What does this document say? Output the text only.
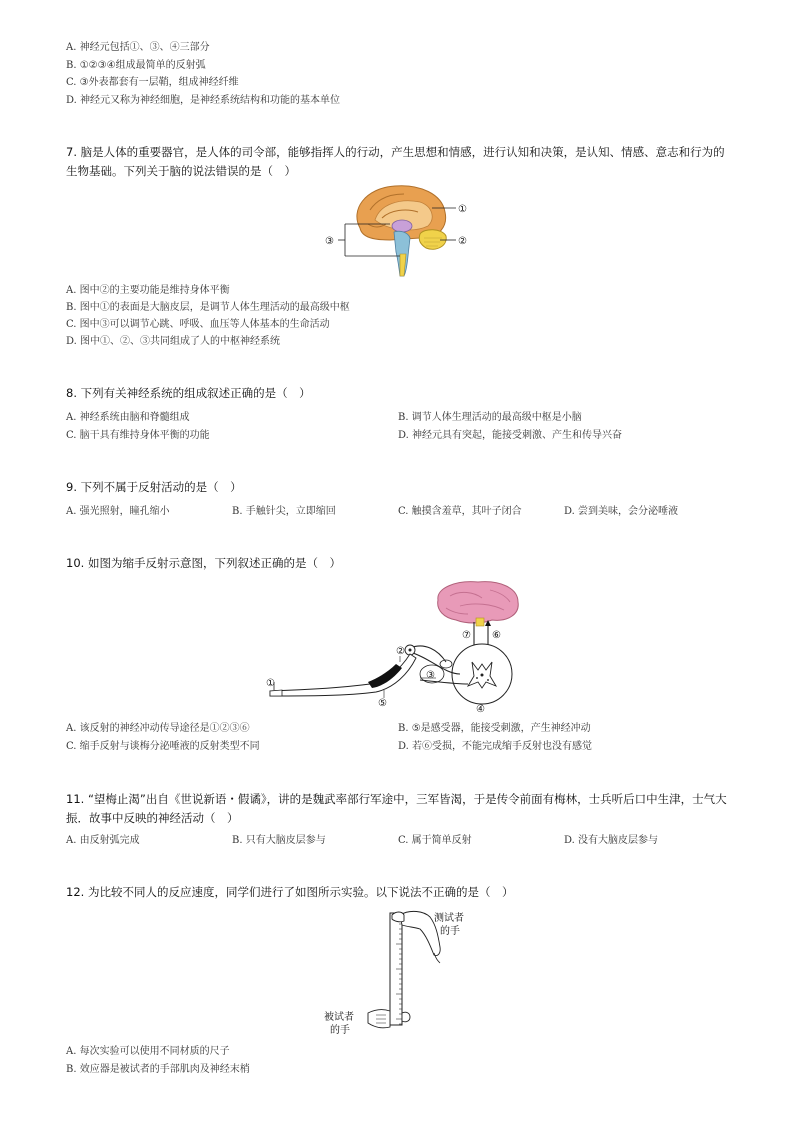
A. 神经元包括①、③、④三部分
B. ①②③④组成最简单的反射弧
C. ③外表都套有一层鞘，组成神经纤维
D. 神经元又称为神经细胞，是神经系统结构和功能的基本单位
7. 脑是人体的重要器官，是人体的司令部，能够指挥人的行动，产生思想和情感，进行认知和决策，是认知、情感、意志和行为的生物基础。下列关于脑的说法错误的是（　）
①
②
③
A. 图中②的主要功能是维持身体平衡
B. 图中①的表面是大脑皮层，是调节人体生理活动的最高级中枢
C. 图中③可以调节心跳、呼吸、血压等人体基本的生命活动
D. 图中①、②、③共同组成了人的中枢神经系统
8. 下列有关神经系统的组成叙述正确的是（　）
A. 神经系统由脑和脊髓组成	B. 调节人体生理活动的最高级中枢是小脑
C. 脑干具有维持身体平衡的功能	D. 神经元具有突起，能接受刺激、产生和传导兴奋
9. 下列不属于反射活动的是（　）
A. 强光照射，瞳孔缩小	B. 手触针尖，立即缩回	C. 触摸含羞草，其叶子闭合	D. 尝到美味，会分泌唾液
10. 如图为缩手反射示意图，下列叙述正确的是（　）
⑦ ⑥
①
②
③
④
⑤
A. 该反射的神经冲动传导途径是①②③⑥	B. ⑤是感受器，能接受刺激，产生神经冲动
C. 缩手反射与谈梅分泌唾液的反射类型不同	D. 若⑥受损，不能完成缩手反射也没有感觉
11. “望梅止渴”出自《世说新语・假谲》，讲的是魏武率部行军途中，三军皆渴，于是传令前面有梅林，士兵听后口中生津，士气大振．故事中反映的神经活动（　）
A. 由反射弧完成	B. 只有大脑皮层参与	C. 属于简单反射	D. 没有大脑皮层参与
12. 为比较不同人的反应速度，同学们进行了如图所示实验。以下说法不正确的是（　）
测试者
的手
被试者
的手
A. 每次实验可以使用不同材质的尺子
B. 效应器是被试者的手部肌肉及神经末梢
